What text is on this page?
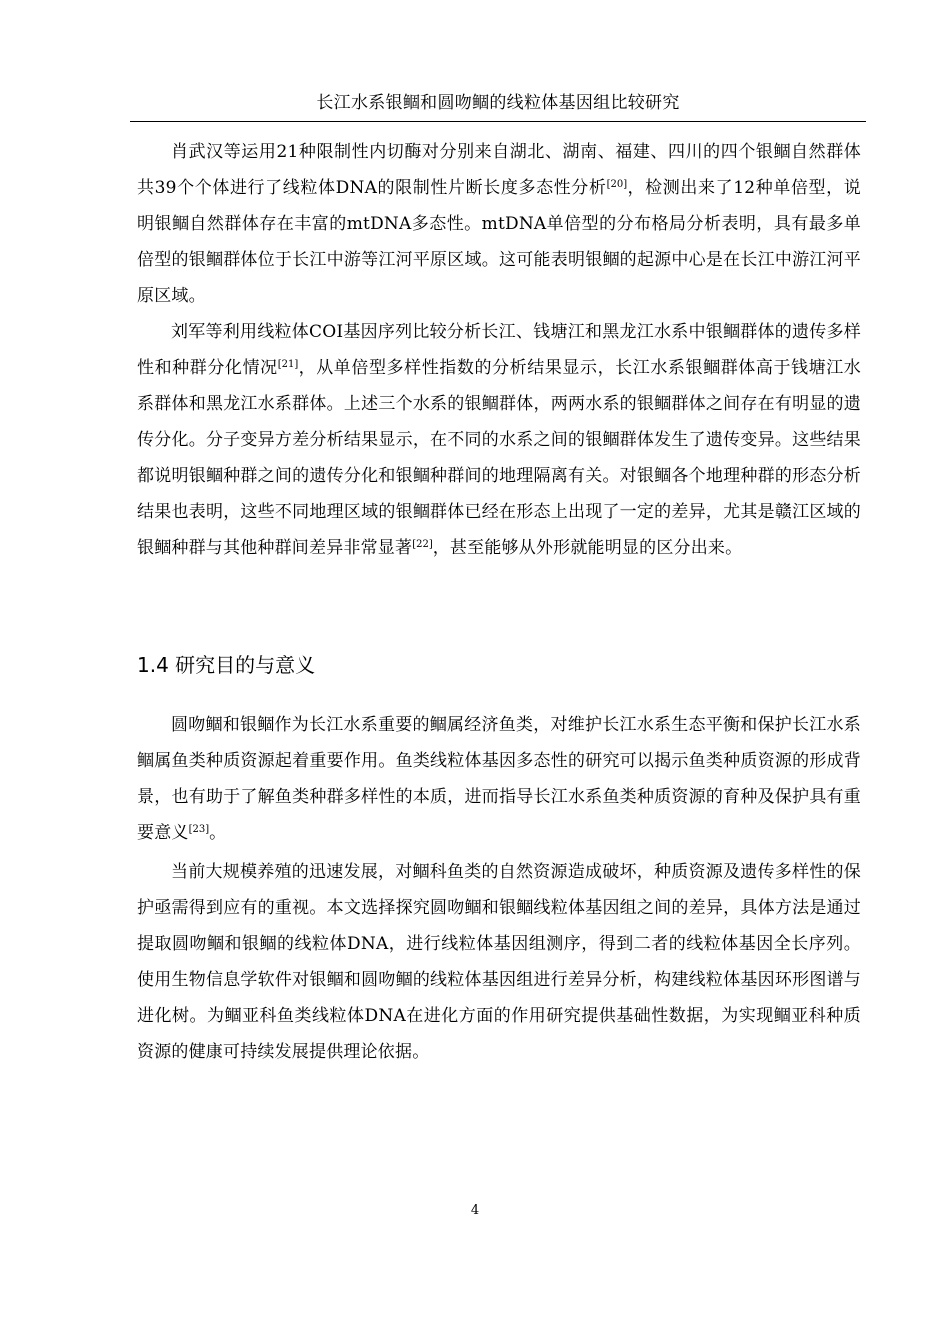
长江水系银鲴和圆吻鲴的线粒体基因组比较研究

肖武汉等运用21种限制性内切酶对分别来自湖北、湖南、福建、四川的四个银鲴自然群体共39个个体进行了线粒体DNA的限制性片断长度多态性分析[20]，检测出来了12种单倍型，说明银鲴自然群体存在丰富的mtDNA多态性。mtDNA单倍型的分布格局分析表明，具有最多单倍型的银鲴群体位于长江中游等江河平原区域。这可能表明银鲴的起源中心是在长江中游江河平原区域。

刘军等利用线粒体COI基因序列比较分析长江、钱塘江和黑龙江水系中银鲴群体的遗传多样性和种群分化情况[21]，从单倍型多样性指数的分析结果显示，长江水系银鲴群体高于钱塘江水系群体和黑龙江水系群体。上述三个水系的银鲴群体，两两水系的银鲴群体之间存在有明显的遗传分化。分子变异方差分析结果显示，在不同的水系之间的银鲴群体发生了遗传变异。这些结果都说明银鲴种群之间的遗传分化和银鲴种群间的地理隔离有关。对银鲴各个地理种群的形态分析结果也表明，这些不同地理区域的银鲴群体已经在形态上出现了一定的差异，尤其是赣江区域的银鲴种群与其他种群间差异非常显著[22]，甚至能够从外形就能明显的区分出来。

1.4 研究目的与意义

圆吻鲴和银鲴作为长江水系重要的鲴属经济鱼类，对维护长江水系生态平衡和保护长江水系鲴属鱼类种质资源起着重要作用。鱼类线粒体基因多态性的研究可以揭示鱼类种质资源的形成背景，也有助于了解鱼类种群多样性的本质，进而指导长江水系鱼类种质资源的育种及保护具有重要意义[23]。

当前大规模养殖的迅速发展，对鲴科鱼类的自然资源造成破坏，种质资源及遗传多样性的保护亟需得到应有的重视。本文选择探究圆吻鲴和银鲴线粒体基因组之间的差异，具体方法是通过提取圆吻鲴和银鲴的线粒体DNA，进行线粒体基因组测序，得到二者的线粒体基因全长序列。使用生物信息学软件对银鲴和圆吻鲴的线粒体基因组进行差异分析，构建线粒体基因环形图谱与进化树。为鲴亚科鱼类线粒体DNA在进化方面的作用研究提供基础性数据，为实现鲴亚科种质资源的健康可持续发展提供理论依据。

4
